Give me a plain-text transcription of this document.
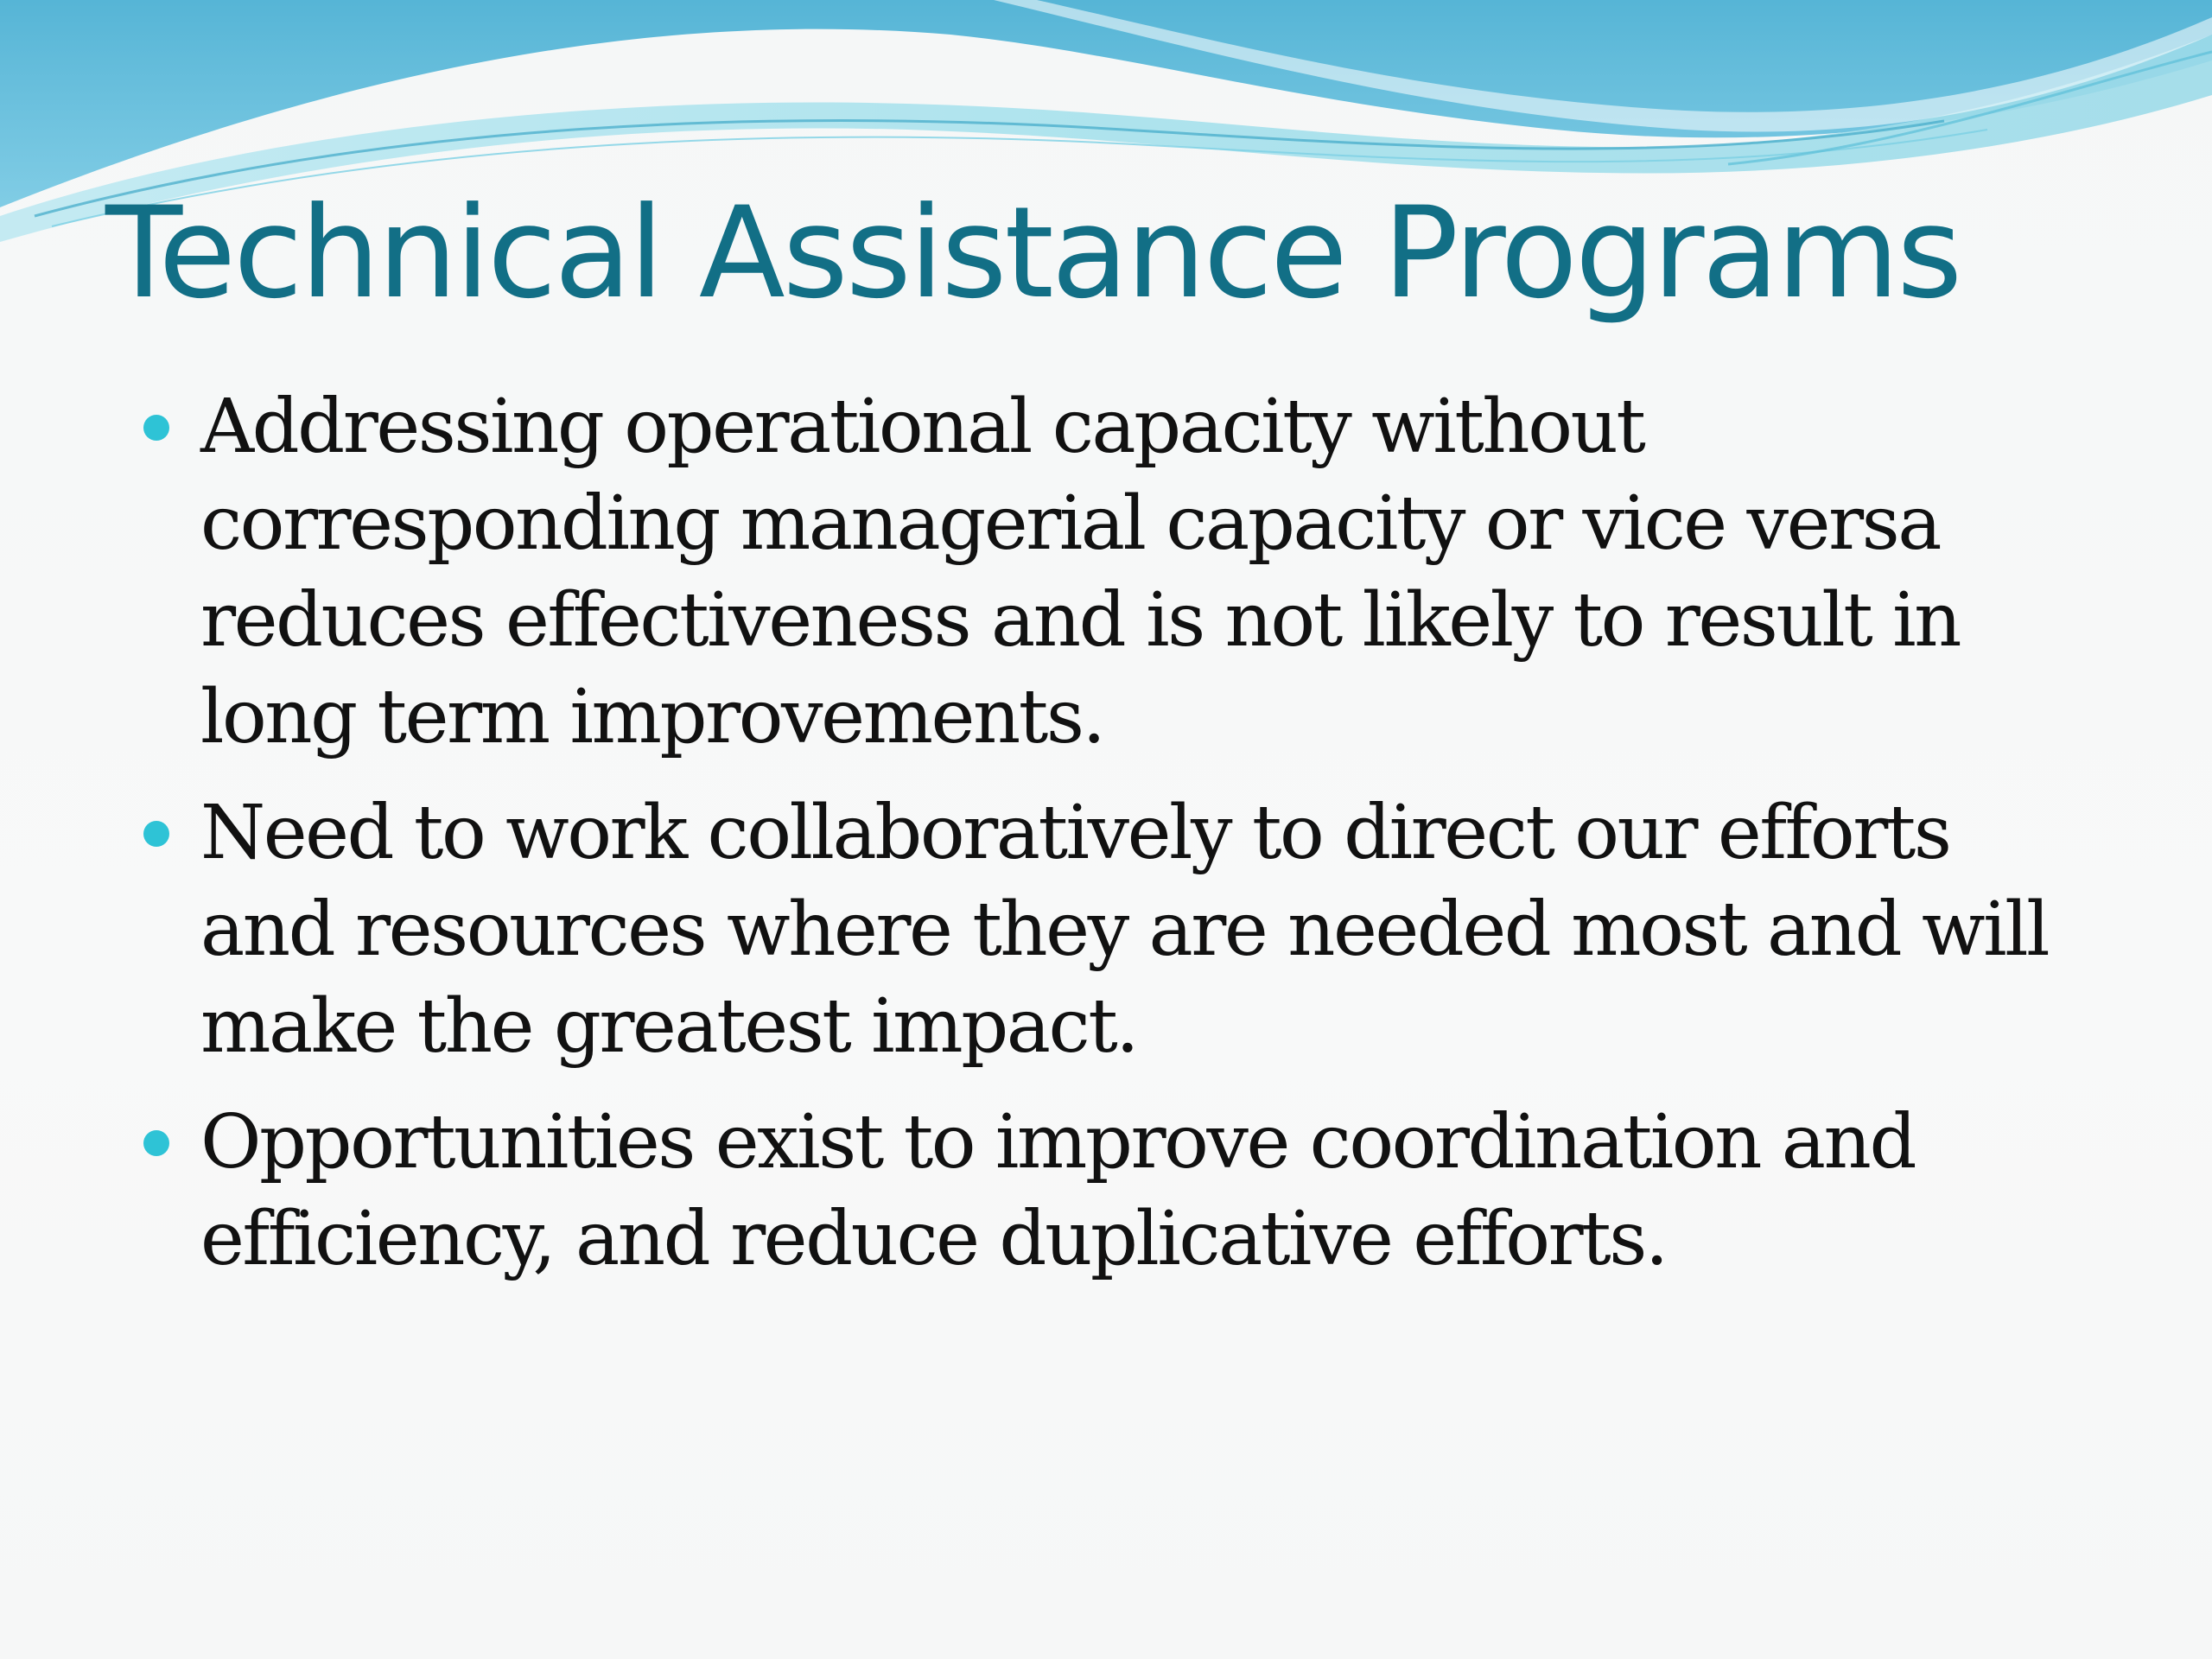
Technical Assistance Programs
Addressing operational capacity without corresponding managerial capacity or vice versa reduces effectiveness and is not likely to result in long term improvements.
Need to work collaboratively to direct our efforts and resources where they are needed most and will make the greatest impact.
Opportunities exist to improve coordination and efficiency, and reduce duplicative efforts.
